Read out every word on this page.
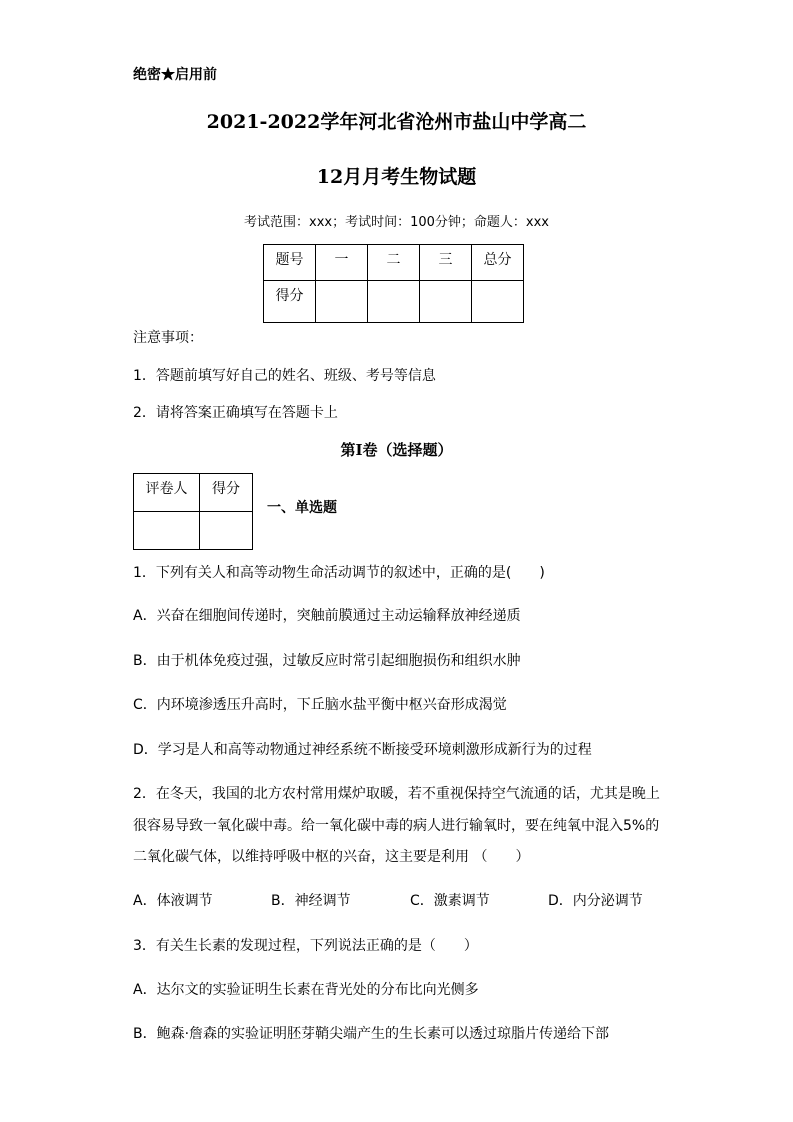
绝密★启用前
2021-2022学年河北省沧州市盐山中学高二
12月月考生物试题
考试范围：xxx；考试时间：100分钟；命题人：xxx
题号	一	二	三	总分
得分				
注意事项：
1．答题前填写好自己的姓名、班级、考号等信息
2．请将答案正确填写在答题卡上
第I卷（选择题）
评卷人	得分

一、单选题
1．下列有关人和高等动物生命活动调节的叙述中，正确的是(　　)
A．兴奋在细胞间传递时，突触前膜通过主动运输释放神经递质
B．由于机体免疫过强，过敏反应时常引起细胞损伤和组织水肿
C．内环境渗透压升高时，下丘脑水盐平衡中枢兴奋形成渴觉
D．学习是人和高等动物通过神经系统不断接受环境刺激形成新行为的过程
2．在冬天，我国的北方农村常用煤炉取暖，若不重视保持空气流通的话，尤其是晚上
很容易导致一氧化碳中毒。给一氧化碳中毒的病人进行输氧时，要在纯氧中混入5%的
二氧化碳气体，以维持呼吸中枢的兴奋，这主要是利用 （　　）
A．体液调节	B．神经调节	C．激素调节	D．内分泌调节
3．有关生长素的发现过程，下列说法正确的是（　　）
A．达尔文的实验证明生长素在背光处的分布比向光侧多
B．鲍森·詹森的实验证明胚芽鞘尖端产生的生长素可以透过琼脂片传递给下部
